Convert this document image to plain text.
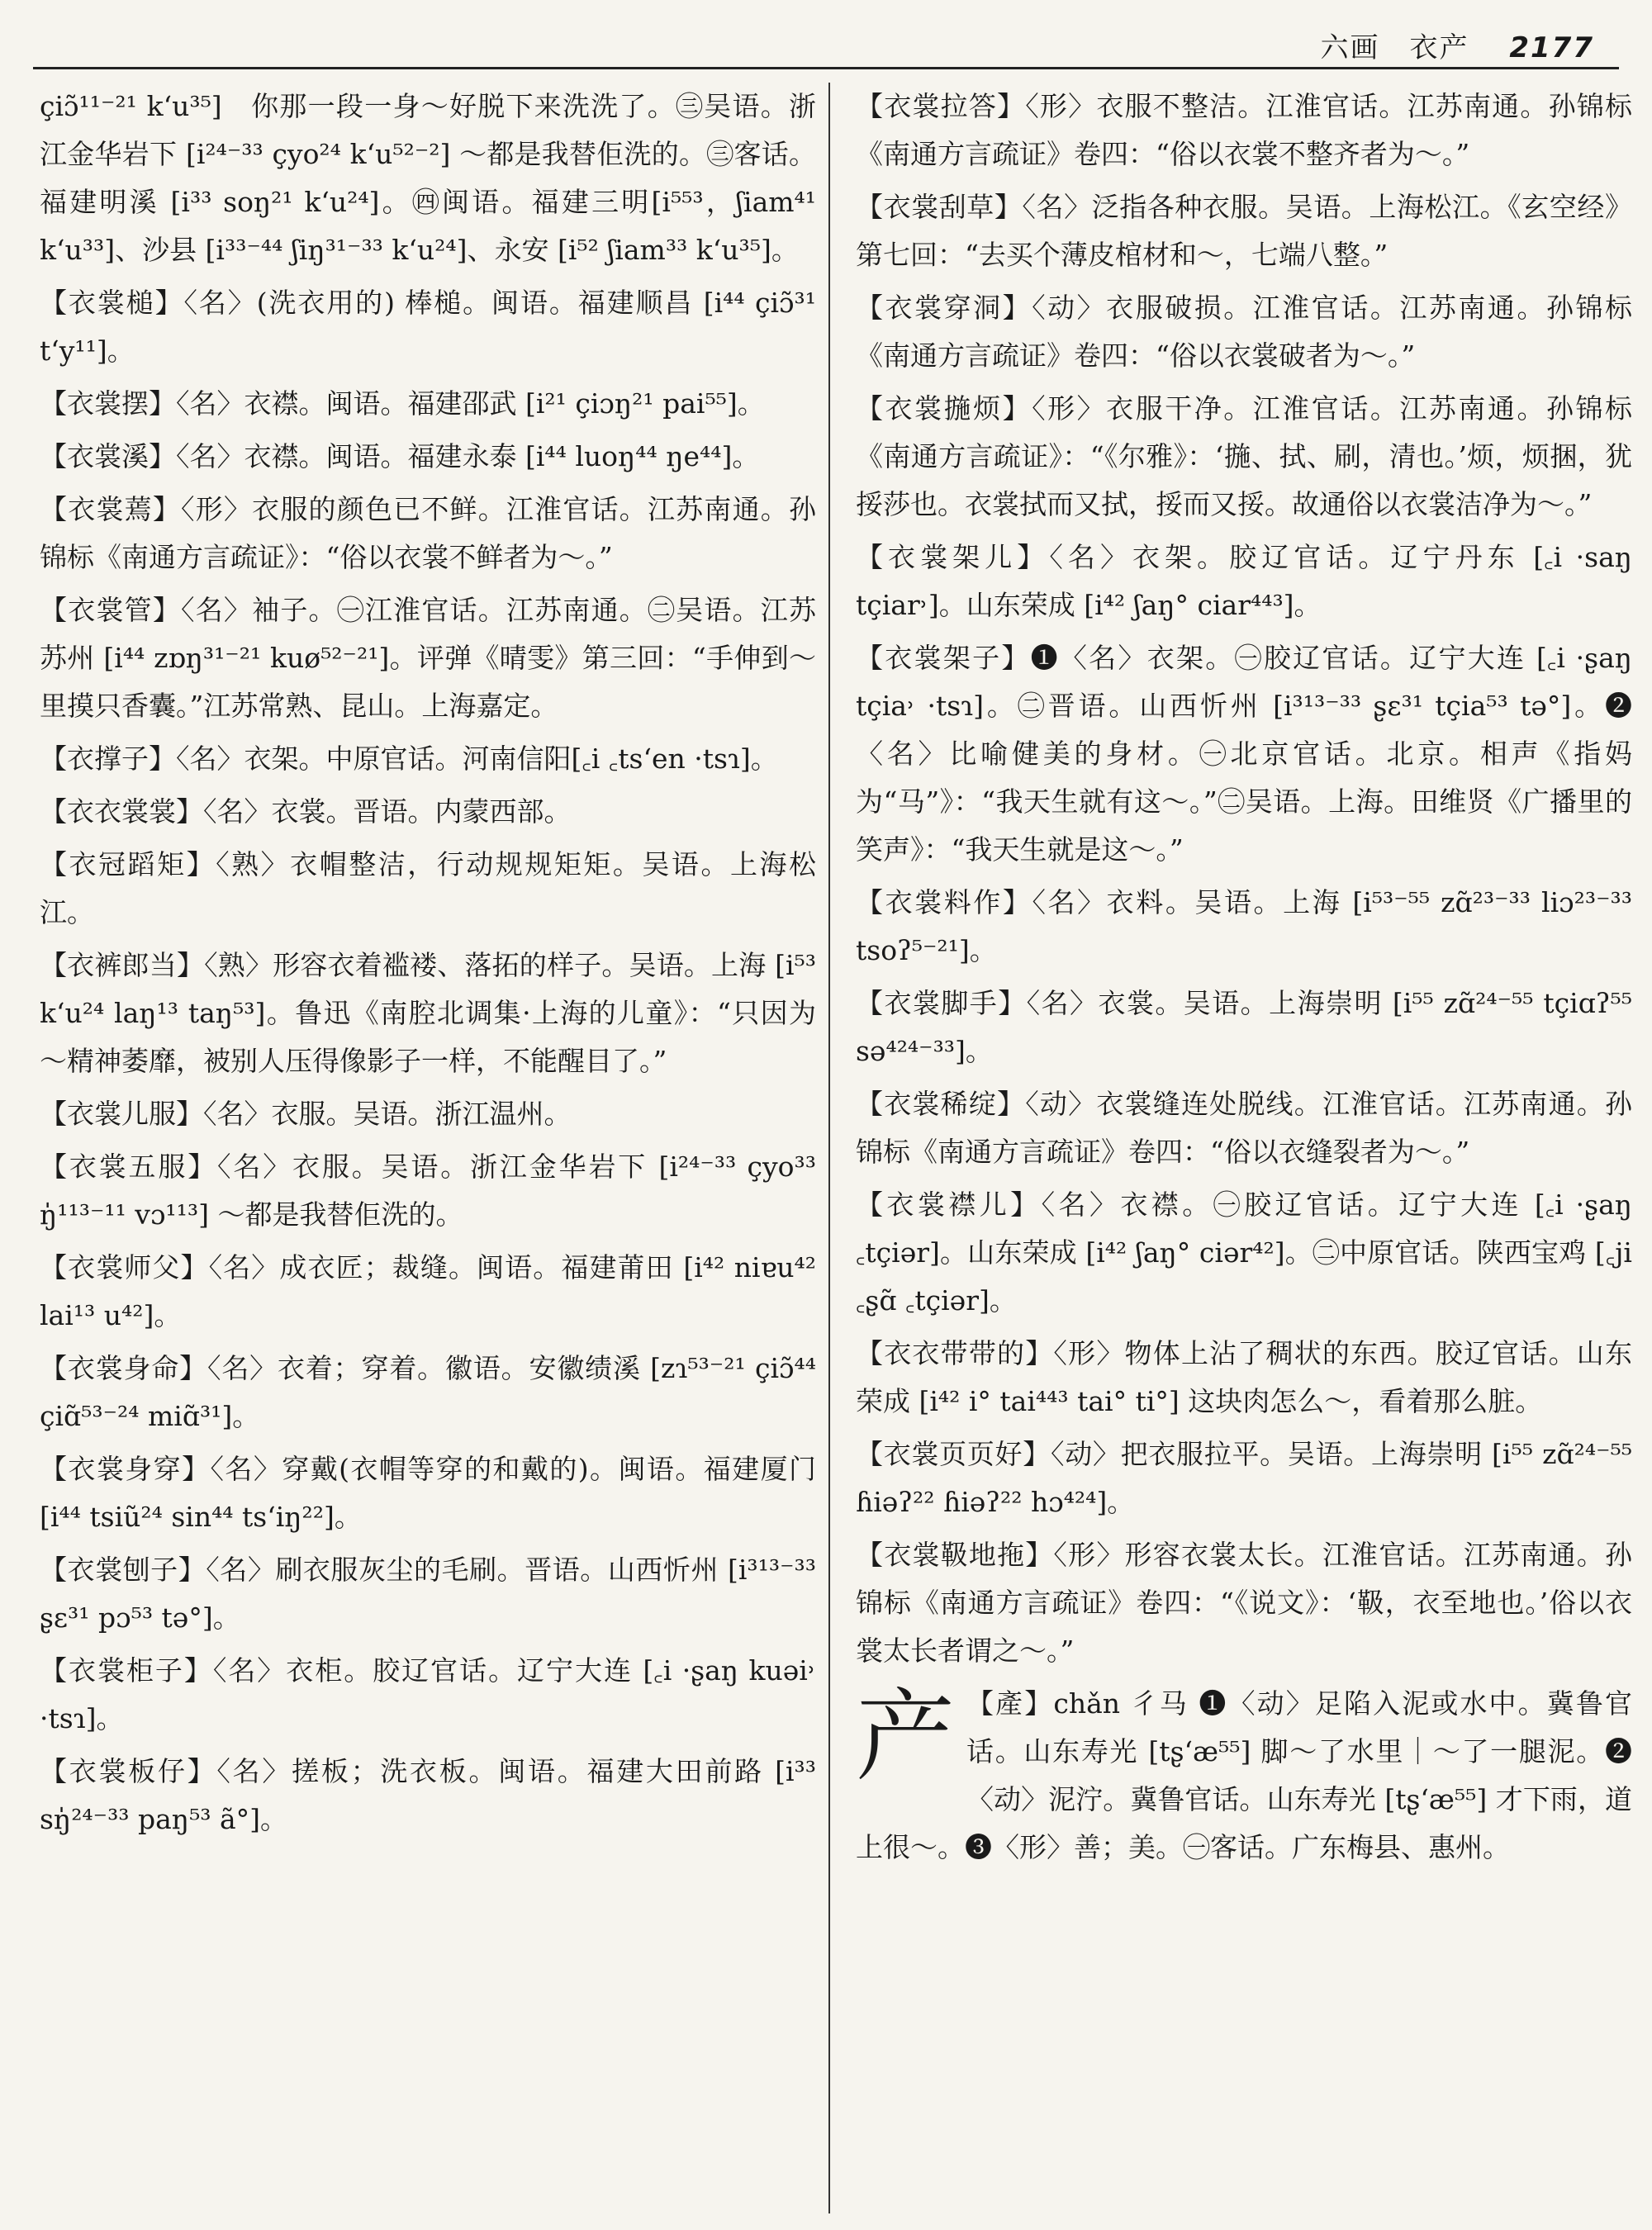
六画　衣产 2177

çiɔ̃¹¹⁻²¹ k‘u³⁵]　你那一段一身～好脱下来洗洗了。㊂吴语。浙江金华岩下 [i²⁴⁻³³ çyo²⁴ k‘u⁵²⁻²] ～都是我替佢洗的。㊂客话。福建明溪 [i³³ soŋ²¹ k‘u²⁴]。㊃闽语。福建三明[i⁵⁵³，ʃiam⁴¹ k‘u³³]、沙县 [i³³⁻⁴⁴ ʃiŋ³¹⁻³³ k‘u²⁴]、永安 [i⁵² ʃiam³³ k‘u³⁵]。

【衣裳槌】〈名〉(洗衣用的) 棒槌。闽语。福建顺昌 [i⁴⁴ çiɔ̃³¹ t‘y¹¹]。

【衣裳摆】〈名〉衣襟。闽语。福建邵武 [i²¹ çiɔŋ²¹ pai⁵⁵]。

【衣裳溪】〈名〉衣襟。闽语。福建永泰 [i⁴⁴ luoŋ⁴⁴ ŋe⁴⁴]。

【衣裳蔫】〈形〉衣服的颜色已不鲜。江淮官话。江苏南通。孙锦标《南通方言疏证》：“俗以衣裳不鲜者为～。”

【衣裳管】〈名〉袖子。㊀江淮官话。江苏南通。㊁吴语。江苏苏州 [i⁴⁴ zɒŋ³¹⁻²¹ kuø⁵²⁻²¹]。评弹《晴雯》第三回：“手伸到～里摸只香囊。”江苏常熟、昆山。上海嘉定。

【衣撑子】〈名〉衣架。中原官话。河南信阳[꜀i ꜀ts‘en ·tsɿ]。

【衣衣裳裳】〈名〉衣裳。晋语。内蒙西部。

【衣冠蹈矩】〈熟〉衣帽整洁，行动规规矩矩。吴语。上海松江。

【衣裤郎当】〈熟〉形容衣着褴褛、落拓的样子。吴语。上海 [i⁵³ k‘u²⁴ laŋ¹³ taŋ⁵³]。鲁迅《南腔北调集·上海的儿童》：“只因为～精神萎靡，被别人压得像影子一样，不能醒目了。”

【衣裳儿服】〈名〉衣服。吴语。浙江温州。

【衣裳五服】〈名〉衣服。吴语。浙江金华岩下 [i²⁴⁻³³ çyo³³ ŋ̍¹¹³⁻¹¹ vɔ¹¹³] ～都是我替佢洗的。

【衣裳师父】〈名〉成衣匠；裁缝。闽语。福建莆田 [i⁴² niɐu⁴² lai¹³ u⁴²]。

【衣裳身命】〈名〉衣着；穿着。徽语。安徽绩溪 [zɿ⁵³⁻²¹ çiɔ̃⁴⁴ çiɑ̃⁵³⁻²⁴ miɑ̃³¹]。

【衣裳身穿】〈名〉穿戴(衣帽等穿的和戴的)。闽语。福建厦门 [i⁴⁴ tsiũ²⁴ sin⁴⁴ ts‘iŋ²²]。

【衣裳刨子】〈名〉刷衣服灰尘的毛刷。晋语。山西忻州 [i³¹³⁻³³ ʂɛ³¹ pɔ⁵³ tə°]。

【衣裳柜子】〈名〉衣柜。胶辽官话。辽宁大连 [꜀i ·ʂaŋ kuəi˒ ·tsɿ]。

【衣裳板仔】〈名〉搓板；洗衣板。闽语。福建大田前路 [i³³ sŋ̍²⁴⁻³³ paŋ⁵³ ã°]。

【衣裳拉答】〈形〉衣服不整洁。江淮官话。江苏南通。孙锦标《南通方言疏证》卷四：“俗以衣裳不整齐者为～。”

【衣裳刮草】〈名〉泛指各种衣服。吴语。上海松江。《玄空经》第七回：“去买个薄皮棺材和～，七端八整。”

【衣裳穿洞】〈动〉衣服破损。江淮官话。江苏南通。孙锦标《南通方言疏证》卷四：“俗以衣裳破者为～。”

【衣裳揓烦】〈形〉衣服干净。江淮官话。江苏南通。孙锦标《南通方言疏证》：“《尔雅》：‘揓、拭、刷，清也。’烦，烦捆，犹挼莎也。衣裳拭而又拭，挼而又挼。故通俗以衣裳洁净为～。”

【衣裳架儿】〈名〉衣架。胶辽官话。辽宁丹东 [꜀i ·saŋ tçiar˒]。山东荣成 [i⁴² ʃaŋ° ciar⁴⁴³]。

【衣裳架子】❶〈名〉衣架。㊀胶辽官话。辽宁大连 [꜀i ·ʂaŋ tçia˒ ·tsɿ]。㊁晋语。山西忻州 [i³¹³⁻³³ ʂɛ³¹ tçia⁵³ tə°]。❷〈名〉比喻健美的身材。㊀北京官话。北京。相声《指妈为“马”》：“我天生就有这～。”㊁吴语。上海。田维贤《广播里的笑声》：“我天生就是这～。”

【衣裳料作】〈名〉衣料。吴语。上海 [i⁵³⁻⁵⁵ zɑ̃²³⁻³³ liɔ²³⁻³³ tsoʔ⁵⁻²¹]。

【衣裳脚手】〈名〉衣裳。吴语。上海崇明 [i⁵⁵ zɑ̃²⁴⁻⁵⁵ tçiɑʔ⁵⁵ sə⁴²⁴⁻³³]。

【衣裳稀绽】〈动〉衣裳缝连处脱线。江淮官话。江苏南通。孙锦标《南通方言疏证》卷四：“俗以衣缝裂者为～。”

【衣裳襟儿】〈名〉衣襟。㊀胶辽官话。辽宁大连 [꜀i ·ʂaŋ ꜀tçiər]。山东荣成 [i⁴² ʃaŋ° ciər⁴²]。㊁中原官话。陕西宝鸡 [꜀ji ꜀ʂɑ̃ ꜀tçiər]。

【衣衣带带的】〈形〉物体上沾了稠状的东西。胶辽官话。山东荣成 [i⁴² i° tai⁴⁴³ tai° ti°] 这块肉怎么～，看着那么脏。

【衣裳页页好】〈动〉把衣服拉平。吴语。上海崇明 [i⁵⁵ zɑ̃²⁴⁻⁵⁵ ɦiəʔ²² ɦiəʔ²² hɔ⁴²⁴]。

【衣裳靸地拖】〈形〉形容衣裳太长。江淮官话。江苏南通。孙锦标《南通方言疏证》卷四：“《说文》：‘靸，衣至地也。’俗以衣裳太长者谓之～。”

产 【產】chǎn 彳马 ❶〈动〉足陷入泥或水中。冀鲁官话。山东寿光 [tʂ‘æ⁵⁵] 脚～了水里｜～了一腿泥。❷〈动〉泥泞。冀鲁官话。山东寿光 [tʂ‘æ⁵⁵] 才下雨，道上很～。❸〈形〉善；美。㊀客话。广东梅县、惠州。
